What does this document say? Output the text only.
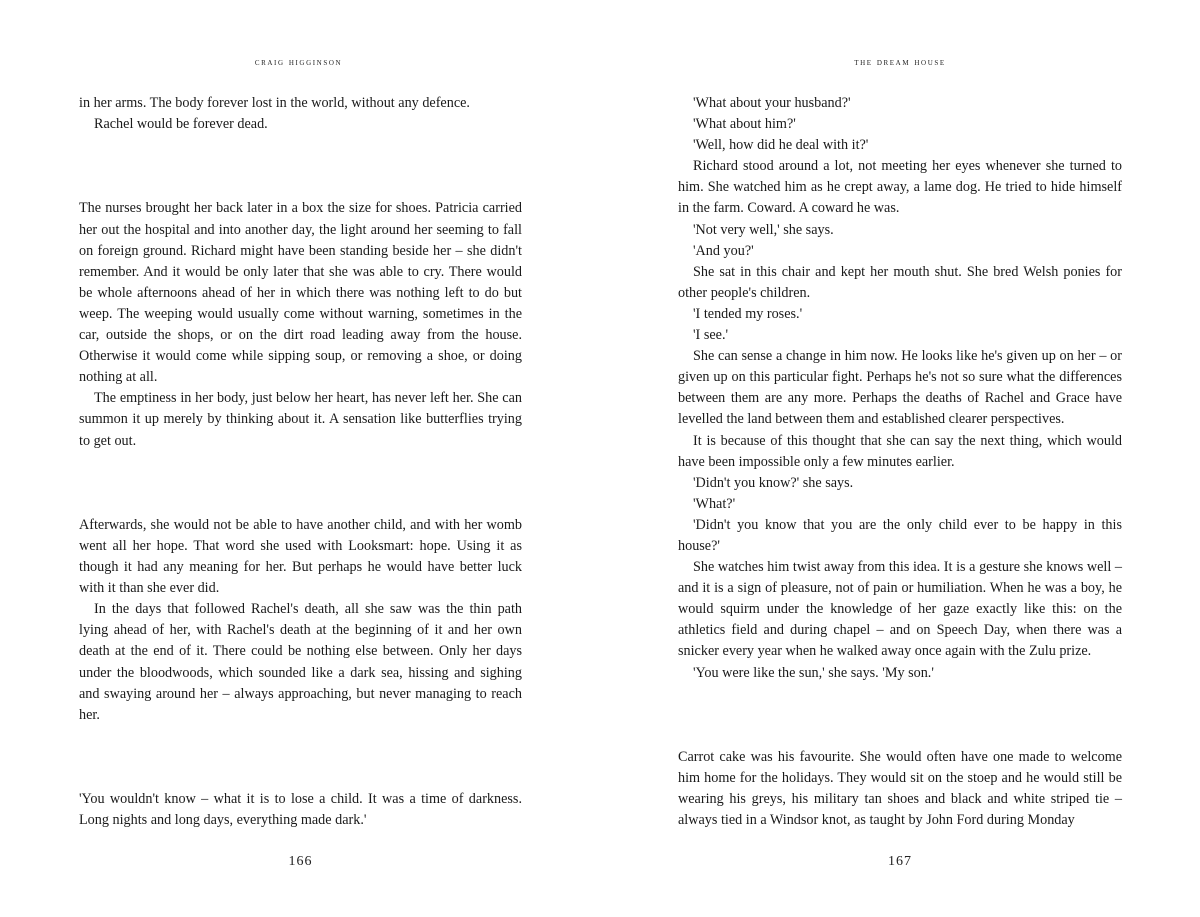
craig higginson

in her arms. The body forever lost in the world, without any defence.

Rachel would be forever dead.

The nurses brought her back later in a box the size for shoes. Patricia carried her out the hospital and into another day, the light around her seeming to fall on foreign ground. Richard might have been standing beside her – she didn't remember. And it would be only later that she was able to cry. There would be whole afternoons ahead of her in which there was nothing left to do but weep. The weeping would usually come without warning, sometimes in the car, outside the shops, or on the dirt road leading away from the house. Otherwise it would come while sipping soup, or removing a shoe, or doing nothing at all.

The emptiness in her body, just below her heart, has never left her. She can summon it up merely by thinking about it. A sensation like butterflies trying to get out.

Afterwards, she would not be able to have another child, and with her womb went all her hope. That word she used with Looksmart: hope. Using it as though it had any meaning for her. But perhaps he would have better luck with it than she ever did.

In the days that followed Rachel's death, all she saw was the thin path lying ahead of her, with Rachel's death at the beginning of it and her own death at the end of it. There could be nothing else between. Only her days under the bloodwoods, which sounded like a dark sea, hissing and sighing and swaying around her – always approaching, but never managing to reach her.

'You wouldn't know – what it is to lose a child. It was a time of darkness. Long nights and long days, everything made dark.'

166
the dream house

'What about your husband?'

'What about him?'

'Well, how did he deal with it?'

Richard stood around a lot, not meeting her eyes whenever she turned to him. She watched him as he crept away, a lame dog. He tried to hide himself in the farm. Coward. A coward he was.

'Not very well,' she says.

'And you?'

She sat in this chair and kept her mouth shut. She bred Welsh ponies for other people's children.

'I tended my roses.'

'I see.'

She can sense a change in him now. He looks like he's given up on her – or given up on this particular fight. Perhaps he's not so sure what the differences between them are any more. Perhaps the deaths of Rachel and Grace have levelled the land between them and established clearer perspectives.

It is because of this thought that she can say the next thing, which would have been impossible only a few minutes earlier.

'Didn't you know?' she says.

'What?'

'Didn't you know that you are the only child ever to be happy in this house?'

She watches him twist away from this idea. It is a gesture she knows well – and it is a sign of pleasure, not of pain or humiliation. When he was a boy, he would squirm under the knowledge of her gaze exactly like this: on the athletics field and during chapel – and on Speech Day, when there was a snicker every year when he walked away once again with the Zulu prize.

'You were like the sun,' she says. 'My son.'

Carrot cake was his favourite. She would often have one made to welcome him home for the holidays. They would sit on the stoep and he would still be wearing his greys, his military tan shoes and black and white striped tie – always tied in a Windsor knot, as taught by John Ford during Monday

167
